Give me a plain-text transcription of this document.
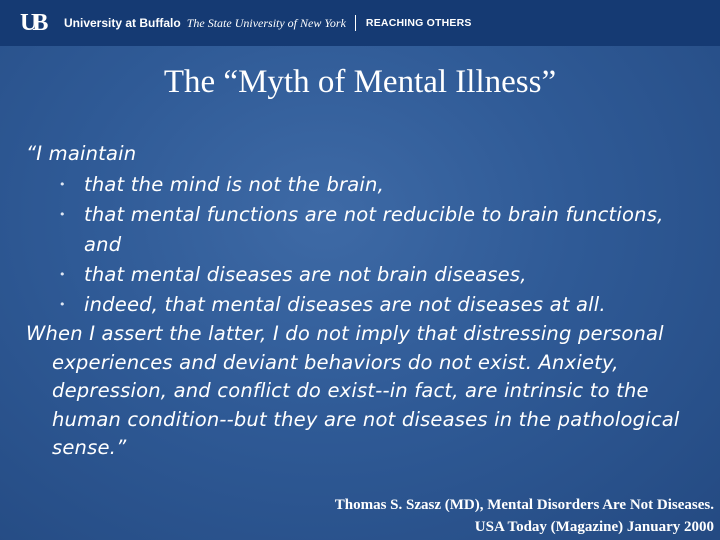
UB	University at Buffalo The State University of New York REACHING OTHERS
The “Myth of Mental Illness”

“I maintain

• that the mind is not the brain,
• that mental functions are not reducible to brain functions, and
• that mental diseases are not brain diseases,
• indeed, that mental diseases are not diseases at all.

When I assert the latter, I do not imply that distressing personal experiences and deviant behaviors do not exist. Anxiety, depression, and conflict do exist--in fact, are intrinsic to the human condition--but they are not diseases in the pathological sense.”

Thomas S. Szasz (MD), Mental Disorders Are Not Diseases.
USA Today (Magazine) January 2000
